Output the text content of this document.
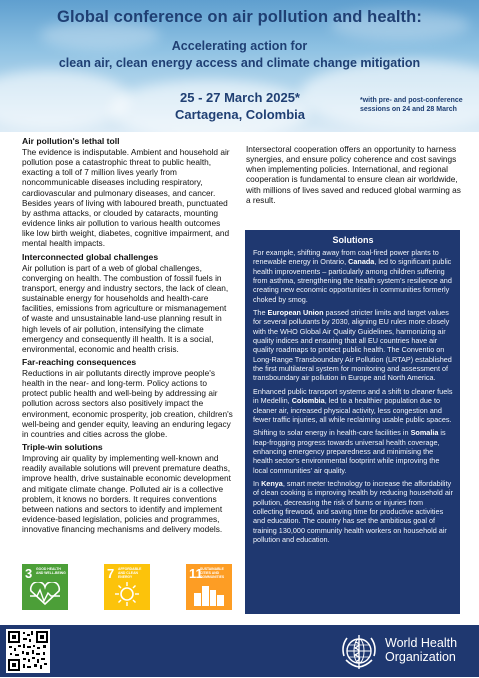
Global conference on air pollution and health:
Accelerating action for
clean air, clean energy access and climate change mitigation
25 - 27 March 2025*
Cartagena, Colombia
*with pre- and post-conference sessions on 24 and 28 March
Air pollution's lethal toll

The evidence is indisputable. Ambient and household air pollution pose a catastrophic threat to public health, exacting a toll of 7 million lives yearly from noncommunicable diseases including respiratory, cardiovascular and pulmonary diseases, and cancer. Besides years of living with laboured breath, punctuated by asthma attacks, or clouded by cataracts, mounting evidence links air pollution to various health outcomes like low birth weight, diabetes, cognitive impairment, and mental health impacts.

Interconnected global challenges

Air pollution is part of a web of global challenges, converging on health. The combustion of fossil fuels in transport, energy and industry sectors, the lack of clean, sustainable energy for households and health-care facilities, emissions from agriculture or mismanagement of waste and unsustainable land-use planning result in high levels of air pollution, intensifying the climate emergency and consequently ill health. It is a social, environmental, economic and health crisis.

Far-reaching consequences

Reductions in air pollutants directly improve people's health in the near- and long-term. Policy actions to protect public health and well-being by addressing air pollution across sectors also positively impact the environment, economic prosperity, job creation, children's well-being and gender equity, leaving an enduring legacy in countries and cities across the globe.

Triple-win solutions

Improving air quality by implementing well-known and readily available solutions will prevent premature deaths, improve health, drive sustainable economic development and mitigate climate change. Polluted air is a collective problem, it knows no borders. It requires conventions between nations and sectors to identify and implement evidence-based legislation, policies and programmes, innovative financing mechanisms and delivery models.

3	GOOD HEALTH AND WELL-BEING	7	AFFORDABLE AND CLEAN ENERGY	11
SUSTAINABLE CITIES AND COMMUNITIES

Intersectoral cooperation offers an opportunity to harness synergies, and ensure policy coherence and cost savings when implementing policies. International, and regional cooperation is fundamental to ensure clean air worldwide, with millions of lives saved and reduced global warming as a result.

Solutions

For example, shifting away from coal-fired power plants to renewable energy in Ontario, Canada, led to significant public health improvements – particularly among children suffering from asthma, strengthening the health system's resilience and creating new economic opportunities in communities formerly choked by smog.

The European Union passed stricter limits and target values for several pollutants by 2030, aligning EU rules more closely with the WHO Global Air Quality Guidelines, harmonizing air quality indices and ensuring that all EU countries have air quality roadmaps to protect public health. The Conventio on Long-Range Transboundary Air Pollution (LRTAP) established the first multilateral system for monitoring and assessment of transboundary air pollution in Europe and North America.

Enhanced public transport systems and a shift to cleaner fuels in Medellin, Colombia, led to a healthier population due to cleaner air, increased physical activity, less congestion and fewer traffic injuries, all while reclaiming usable public spaces.

Shifting to solar energy in health-care facilities in Somalia is leap-frogging progress towards universal health coverage, enhancing emergency preparedness and minimising the health sector's environmental footprint while improving the local communities' air quality.

In Kenya, smart meter technology to increase the affordability of clean cooking is improving health by reducing household air pollution, decreasing the risk of burns or injuries from collecting firewood, and saving time for productive activities and education. The country has set the ambitious goal of training 130,000 community health workers on household air pollution and education.

World Health
Organization
